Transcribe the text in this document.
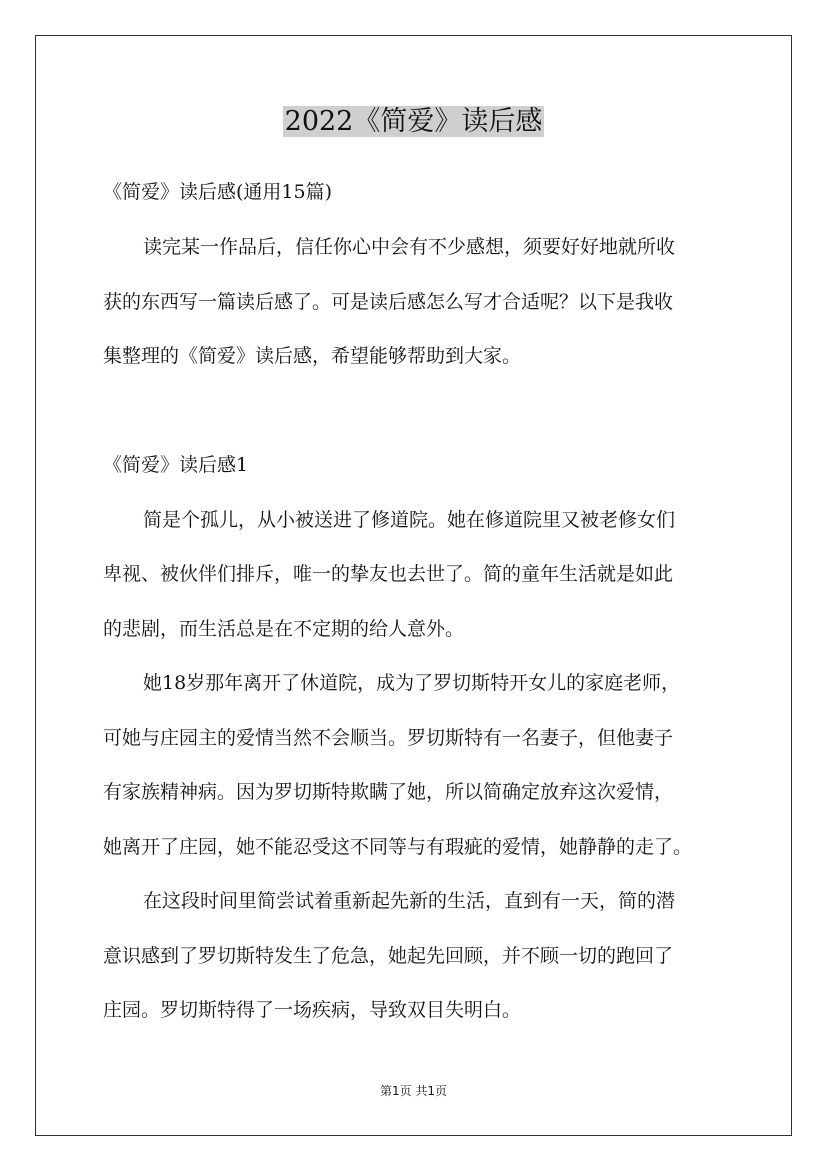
2022《简爱》读后感

《简爱》读后感(通用15篇)

读完某一作品后，信任你心中会有不少感想，须要好好地就所收

获的东西写一篇读后感了。可是读后感怎么写才合适呢？以下是我收

集整理的《简爱》读后感，希望能够帮助到大家。

《简爱》读后感1

简是个孤儿，从小被送进了修道院。她在修道院里又被老修女们

卑视、被伙伴们排斥，唯一的挚友也去世了。简的童年生活就是如此

的悲剧，而生活总是在不定期的给人意外。

她18岁那年离开了休道院，成为了罗切斯特开女儿的家庭老师，

可她与庄园主的爱情当然不会顺当。罗切斯特有一名妻子，但他妻子

有家族精神病。因为罗切斯特欺瞒了她，所以简确定放弃这次爱情，

她离开了庄园，她不能忍受这不同等与有瑕疵的爱情，她静静的走了。

在这段时间里简尝试着重新起先新的生活，直到有一天，简的潜

意识感到了罗切斯特发生了危急，她起先回顾，并不顾一切的跑回了

庄园。罗切斯特得了一场疾病，导致双目失明白。

第1页 共1页
